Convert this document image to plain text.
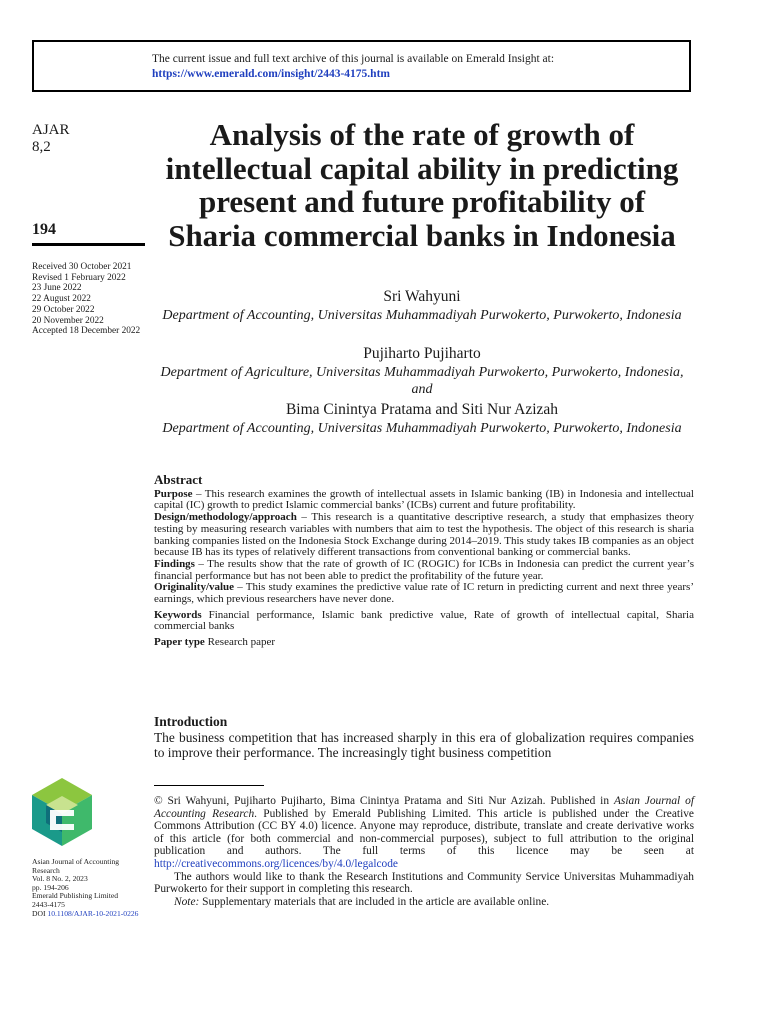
The current issue and full text archive of this journal is available on Emerald Insight at:
https://www.emerald.com/insight/2443-4175.htm
AJAR
8,2
194
Received 30 October 2021
Revised 1 February 2022
23 June 2022
22 August 2022
29 October 2022
20 November 2022
Accepted 18 December 2022
Analysis of the rate of growth of intellectual capital ability in predicting present and future profitability of Sharia commercial banks in Indonesia
Sri Wahyuni
Department of Accounting, Universitas Muhammadiyah Purwokerto, Purwokerto, Indonesia
Pujiharto Pujiharto
Department of Agriculture, Universitas Muhammadiyah Purwokerto, Purwokerto, Indonesia, and
Bima Cinintya Pratama and Siti Nur Azizah
Department of Accounting, Universitas Muhammadiyah Purwokerto, Purwokerto, Indonesia
Abstract

Purpose – This research examines the growth of intellectual assets in Islamic banking (IB) in Indonesia and intellectual capital (IC) growth to predict Islamic commercial banks’ (ICBs) current and future profitability.

Design/methodology/approach – This research is a quantitative descriptive research, a study that emphasizes theory testing by measuring research variables with numbers that aim to test the hypothesis. The object of this research is sharia banking companies listed on the Indonesia Stock Exchange during 2014–2019. This study takes IB companies as an object because IB has its types of relatively different transactions from conventional banking or commercial banks.

Findings – The results show that the rate of growth of IC (ROGIC) for ICBs in Indonesia can predict the current year’s financial performance but has not been able to predict the profitability of the future year.

Originality/value – This study examines the predictive value rate of IC return in predicting current and next three years’ earnings, which previous researchers have never done.

Keywords Financial performance, Islamic bank predictive value, Rate of growth of intellectual capital, Sharia commercial banks

Paper type Research paper

Introduction
The business competition that has increased sharply in this era of globalization requires companies to improve their performance. The increasingly tight business competition

© Sri Wahyuni, Pujiharto Pujiharto, Bima Cinintya Pratama and Siti Nur Azizah. Published in Asian Journal of Accounting Research. Published by Emerald Publishing Limited. This article is published under the Creative Commons Attribution (CC BY 4.0) licence. Anyone may reproduce, distribute, translate and create derivative works of this article (for both commercial and non-commercial purposes), subject to full attribution to the original publication and authors. The full terms of this licence may be seen at http://creativecommons.org/licences/by/4.0/legalcode

The authors would like to thank the Research Institutions and Community Service Universitas Muhammadiyah Purwokerto for their support in completing this research.

Note: Supplementary materials that are included in the article are available online.

Asian Journal of Accounting
Research
Vol. 8 No. 2, 2023
pp. 194-206
Emerald Publishing Limited
2443-4175
DOI 10.1108/AJAR-10-2021-0226
